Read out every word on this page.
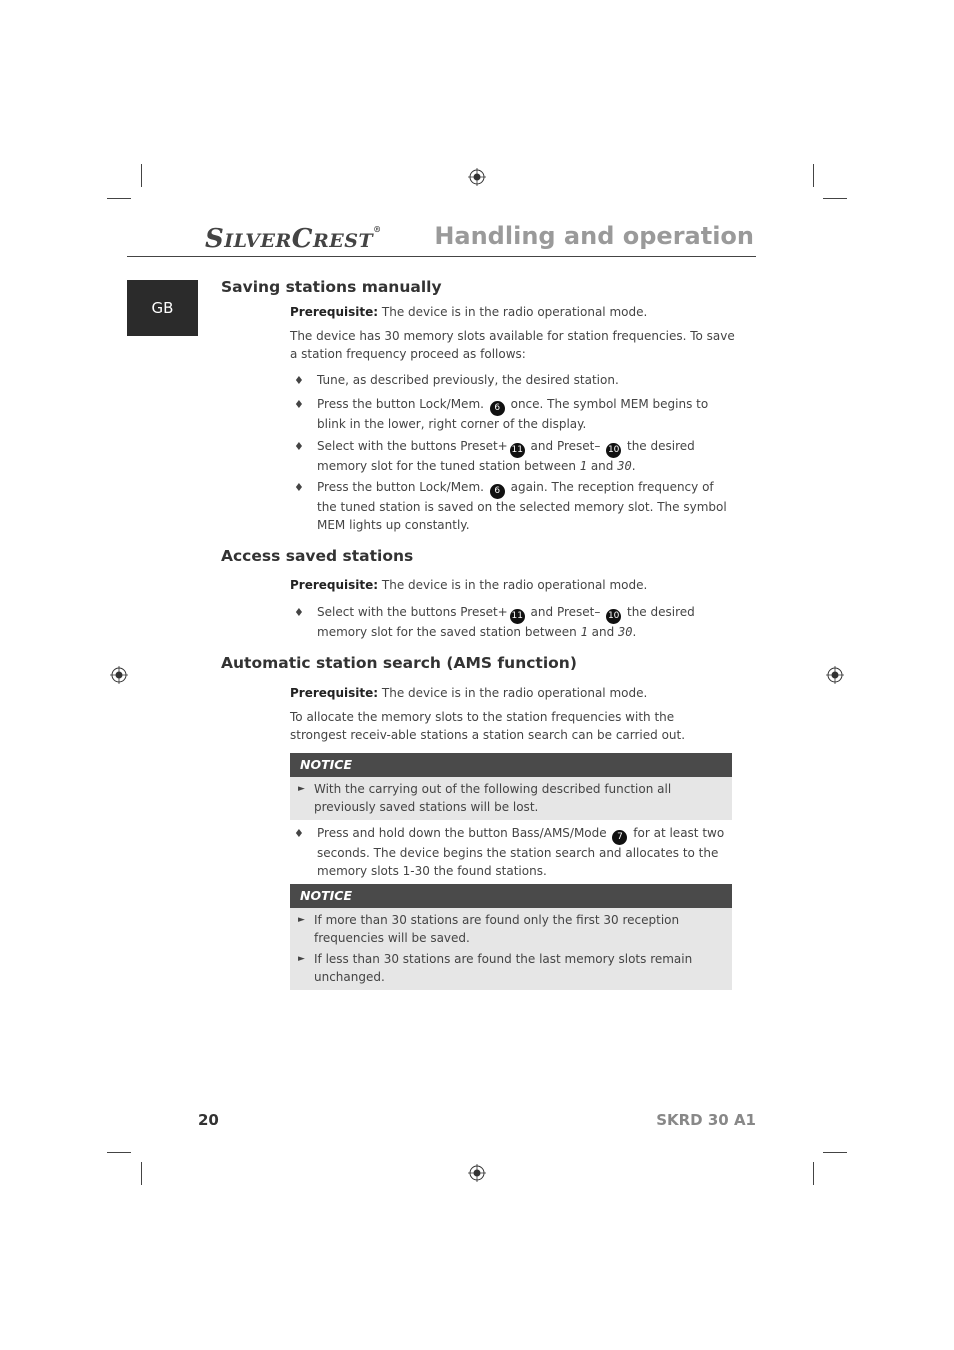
SILVERCREST® Handling and operation
GB
Saving stations manually

Prerequisite: The device is in the radio operational mode.

The device has 30 memory slots available for station frequencies. To save a station frequency proceed as follows:

♦ Tune, as described previously, the desired station.
♦ Press the button Lock/Mem. 6 once. The symbol MEM begins to blink in the lower, right corner of the display.
♦ Select with the buttons Preset+ 11 and Preset– 10 the desired memory slot for the tuned station between 1 and 30.
♦ Press the button Lock/Mem. 6 again. The reception frequency of the tuned station is saved on the selected memory slot. The symbol MEM lights up constantly.
Access saved stations

Prerequisite: The device is in the radio operational mode.

♦ Select with the buttons Preset+ 11 and Preset– 10 the desired memory slot for the saved station between 1 and 30.
Automatic station search (AMS function)

Prerequisite: The device is in the radio operational mode.

To allocate the memory slots to the station frequencies with the strongest receiv-able stations a station search can be carried out.

NOTICE
► With the carrying out of the following described function all previously saved stations will be lost.
♦ Press and hold down the button Bass/AMS/Mode 7 for at least two seconds. The device begins the station search and allocates to the memory slots 1-30 the found stations.
NOTICE
► If more than 30 stations are found only the first 30 reception frequencies will be saved.
► If less than 30 stations are found the last memory slots remain unchanged.
20	SKRD 30 A1
